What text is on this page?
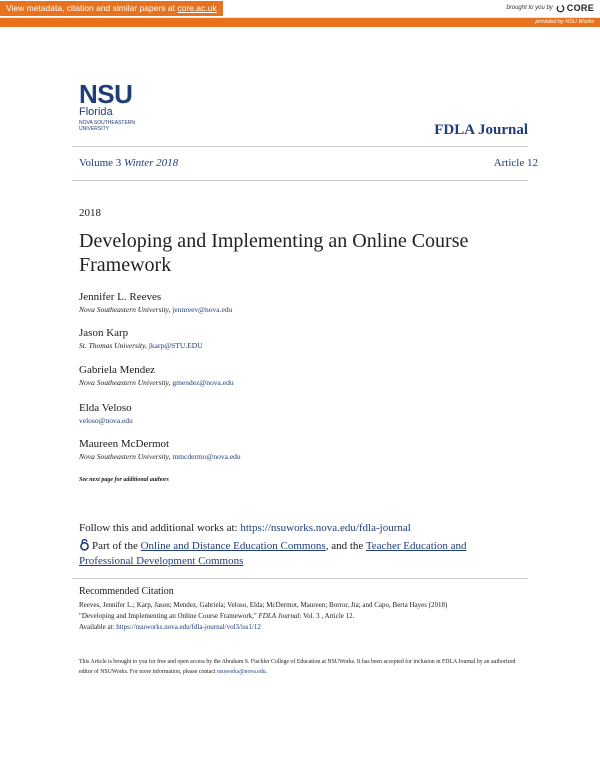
View metadata, citation and similar papers at core.ac.uk	brought to you by CORE
provided by NSU Works
NSU
Florida
NOVA SOUTHEASTERN UNIVERSITY	FDLA Journal
Volume 3 Winter 2018	Article 12
2018
Developing and Implementing an Online Course Framework
Jennifer L. Reeves
Nova Southeastern University, jennreev@nova.edu
Jason Karp
St. Thomas University, jkarp@STU.EDU
Gabriela Mendez
Nova Southeastern University, gmendez@nova.edu
Elda Veloso
veloso@nova.edu
Maureen McDermot
Nova Southeastern University, mmcdermo@nova.edu
See next page for additional authors
Follow this and additional works at: https://nsuworks.nova.edu/fdla-journal
Part of the Online and Distance Education Commons, and the Teacher Education and Professional Development Commons
Recommended Citation
Reeves, Jennifer L.; Karp, Jason; Mendez, Gabriela; Veloso, Elda; McDermot, Maureen; Borror, Jia; and Capo, Berta Hayes (2018)
"Developing and Implementing an Online Course Framework," FDLA Journal: Vol. 3 , Article 12.
Available at: https://nsuworks.nova.edu/fdla-journal/vol3/iss1/12
This Article is brought to you for free and open access by the Abraham S. Fischler College of Education at NSUWorks. It has been accepted for inclusion in FDLA Journal by an authorized editor of NSUWorks. For more information, please contact nsuworks@nova.edu.
